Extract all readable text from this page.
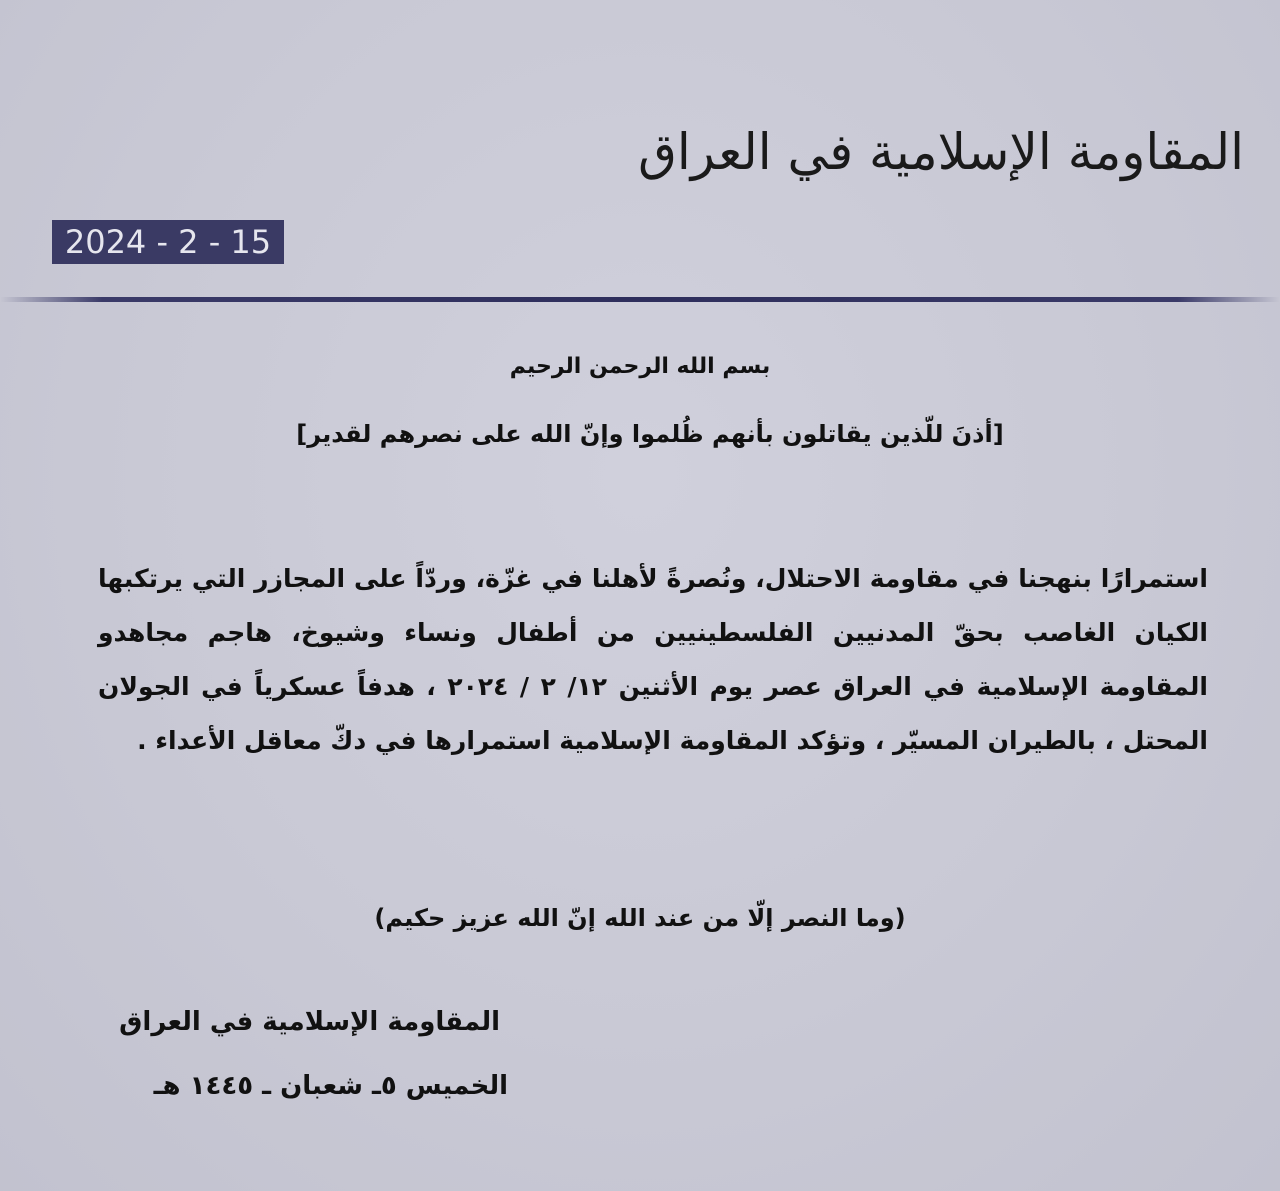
المقاومة الإسلامية في العراق
2024 - 2 - 15
بسم الله الرحمن الرحيم
[أذنَ للّذين يقاتلون بأنهم ظُلموا وإنّ الله على نصرهم لقدير]
استمرارًا بنهجنا في مقاومة الاحتلال، ونُصرةً لأهلنا في غزّة، وردّاً على المجازر التي يرتكبها الكيان الغاصب بحقّ المدنيين الفلسطينيين من أطفال ونساء وشيوخ، هاجم مجاهدو المقاومة الإسلامية في العراق عصر يوم الأثنين ١٢/ ٢ / ٢٠٢٤ ، هدفاً عسكرياً في الجولان المحتل ، بالطيران المسيّر ، وتؤكد المقاومة الإسلامية استمرارها في دكّ معاقل الأعداء .
(وما النصر إلّا من عند الله إنّ الله عزيز حكيم)
المقاومة الإسلامية في العراق
الخميس ٥ـ شعبان ـ ١٤٤٥ هـ
